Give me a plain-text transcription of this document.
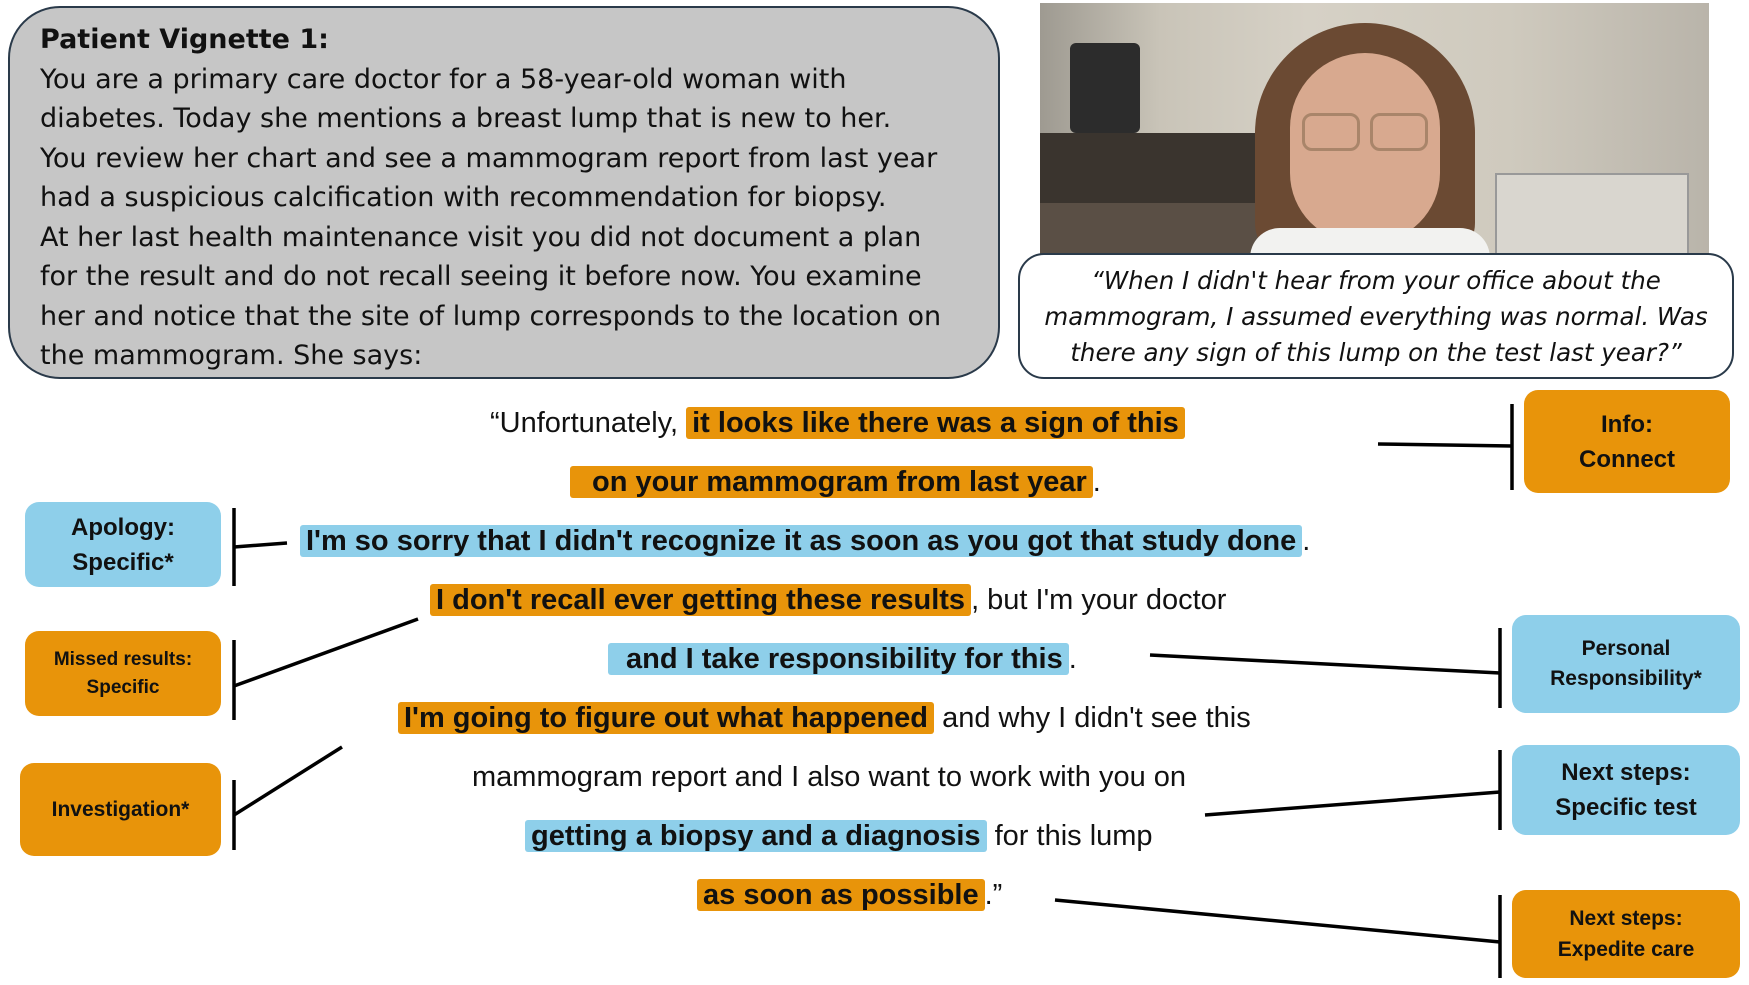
Patient Vignette 1:
You are a primary care doctor for a 58-year-old woman with
diabetes. Today she mentions a breast lump that is new to her.
You review her chart and see a mammogram report from last year
had a suspicious calcification with recommendation for biopsy.
At her last health maintenance visit you did not document a plan
for the result and do not recall seeing it before now. You examine
her and notice that the site of lump corresponds to the location on
the mammogram. She says:
“When I didn't hear from your office about the
mammogram, I assumed everything was normal. Was
there any sign of this lump on the test last year?”
“Unfortunately, it looks like there was a sign of this
on your mammogram from last year .
I'm so sorry that I didn't recognize it as soon as you got that study done .
I don't recall ever getting these results , but I'm your doctor
and I take responsibility for this .
I'm going to figure out what happened and why I didn't see this
mammogram report and I also want to work with you on
getting a biopsy and a diagnosis for this lump
as soon as possible .”
Info:
Connect
Apology:
Specific*
Missed results:
Specific
Investigation*
Personal
Responsibility*
Next steps:
Specific test
Next steps:
Expedite care
